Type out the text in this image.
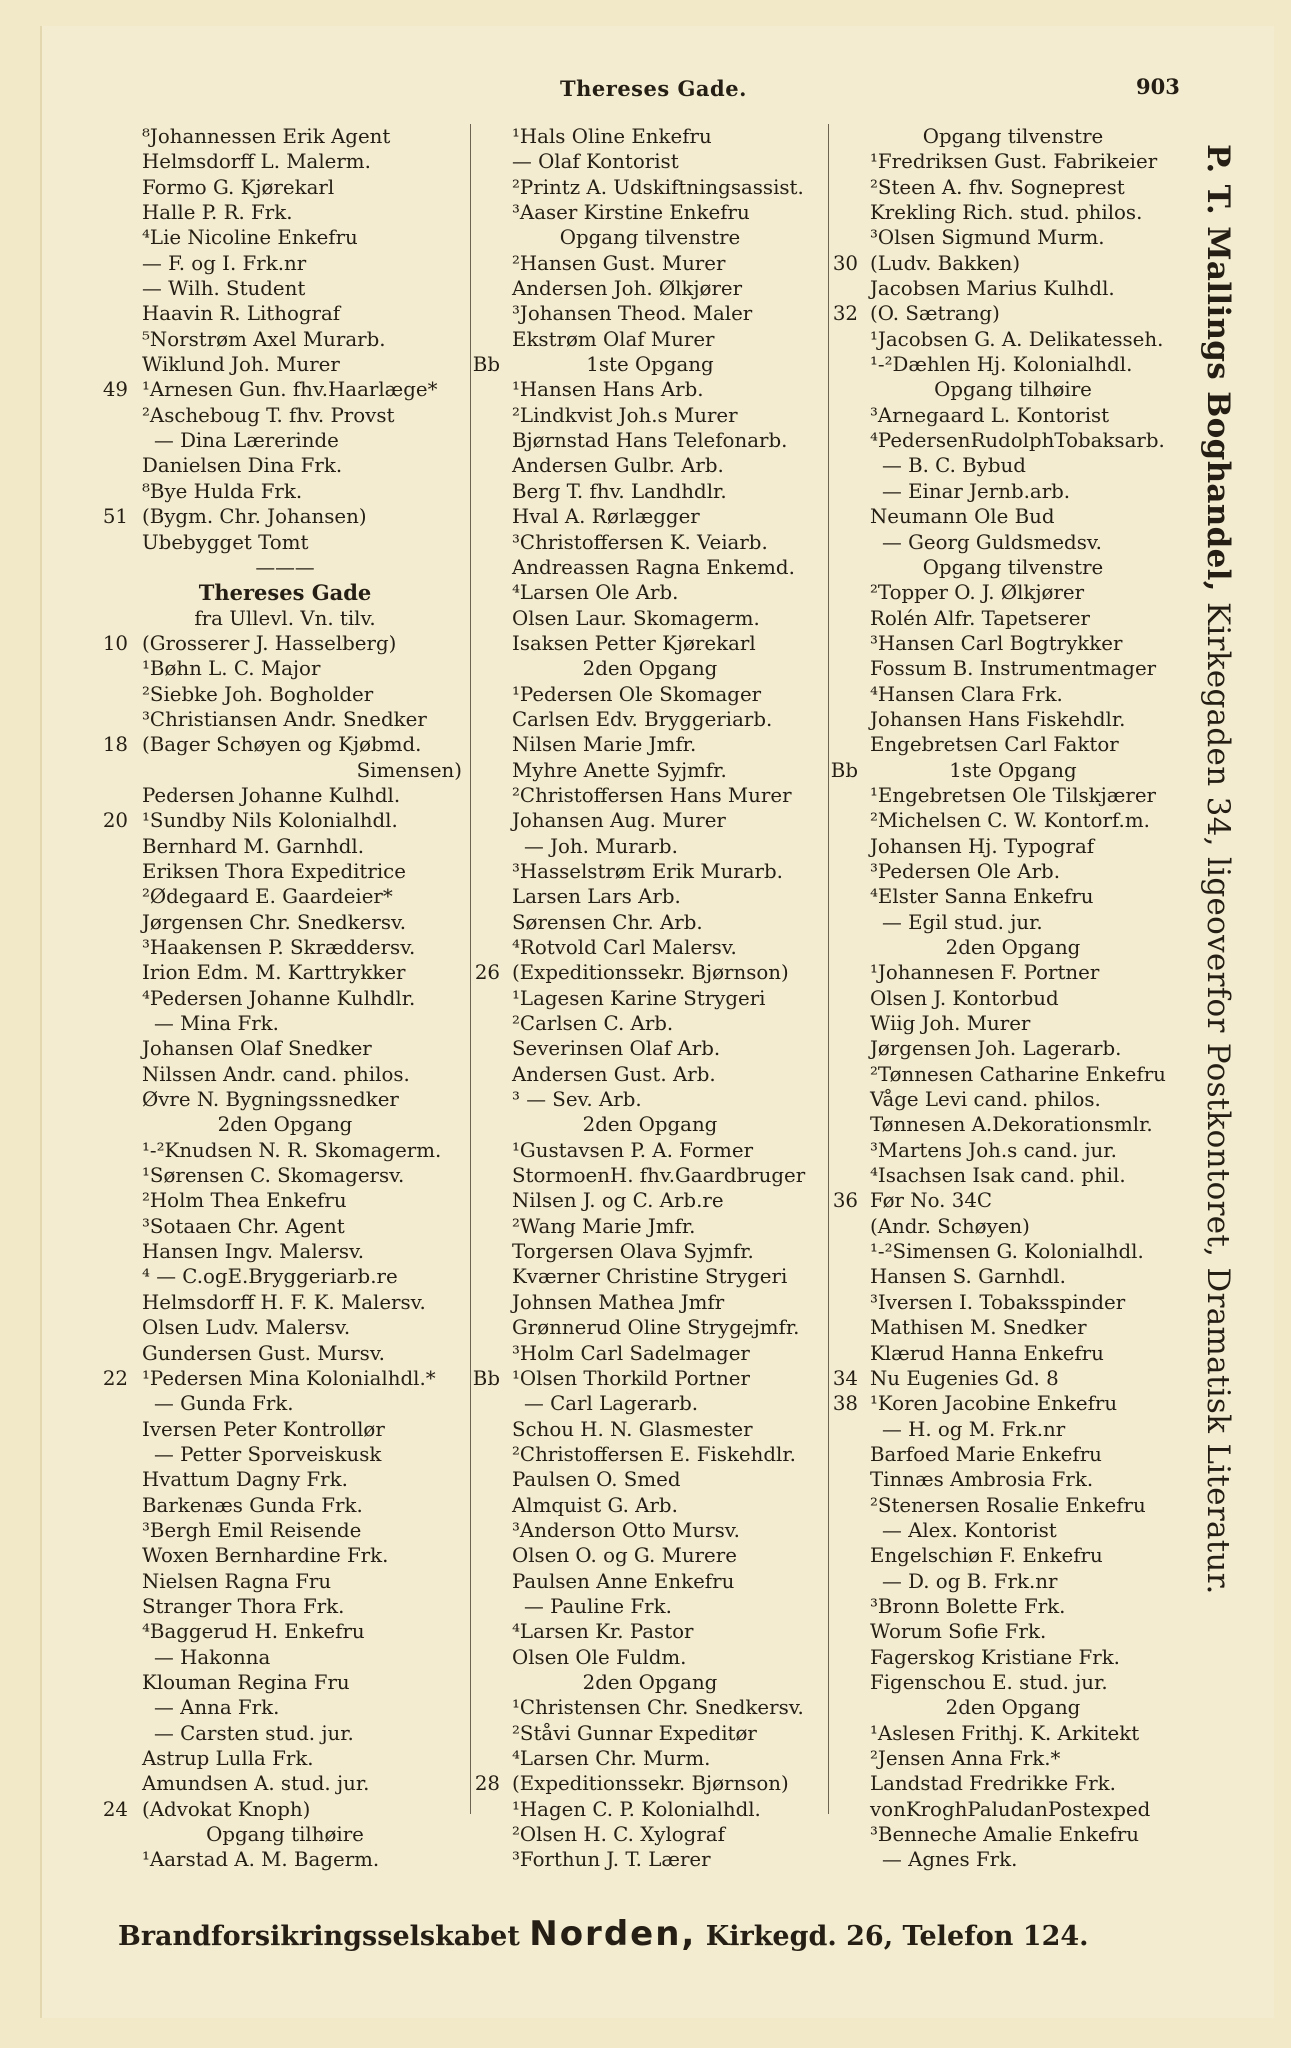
Thereses Gade.	903
⁸Johannessen Erik Agent
Helmsdorff L. Malerm.
Formo G. Kjørekarl
Halle P. R. Frk.
⁴Lie Nicoline Enkefru
— F. og I. Frk.nr
— Wilh. Student
Haavin R. Lithograf
⁵Norstrøm Axel Murarb.
Wiklund Joh. Murer
49 ¹Arnesen Gun. fhv.Haarlæge*
²Ascheboug T. fhv. Provst
— Dina Lærerinde
Danielsen Dina Frk.
⁸Bye Hulda Frk.
51 (Bygm. Chr. Johansen)
Ubebygget Tomt
———
Thereses Gade
fra Ullevl. Vn. tilv.
10 (Grosserer J. Hasselberg)
¹Bøhn L. C. Major
²Siebke Joh. Bogholder
³Christiansen Andr. Snedker
18 (Bager Schøyen og Kjøbmd.
Simensen)
Pedersen Johanne Kulhdl.
20 ¹Sundby Nils Kolonialhdl.
Bernhard M. Garnhdl.
Eriksen Thora Expeditrice
²Ødegaard E. Gaardeier*
Jørgensen Chr. Snedkersv.
³Haakensen P. Skræddersv.
Irion Edm. M. Karttrykker
⁴Pedersen Johanne Kulhdlr.
— Mina Frk.
Johansen Olaf Snedker
Nilssen Andr. cand. philos.
Øvre N. Bygningssnedker
2den Opgang
¹-²Knudsen N. R. Skomagerm.
¹Sørensen C. Skomagersv.
²Holm Thea Enkefru
³Sotaaen Chr. Agent
Hansen Ingv. Malersv.
⁴ — C.ogE.Bryggeriarb.re
Helmsdorff H. F. K. Malersv.
Olsen Ludv. Malersv.
Gundersen Gust. Mursv.
22 ¹Pedersen Mina Kolonialhdl.*
— Gunda Frk.
Iversen Peter Kontrollør
— Petter Sporveiskusk
Hvattum Dagny Frk.
Barkenæs Gunda Frk.
³Bergh Emil Reisende
Woxen Bernhardine Frk.
Nielsen Ragna Fru
Stranger Thora Frk.
⁴Baggerud H. Enkefru
— Hakonna
Klouman Regina Fru
— Anna Frk.
— Carsten stud. jur.
Astrup Lulla Frk.
Amundsen A. stud. jur.
24 (Advokat Knoph)
Opgang tilhøire
¹Aarstad A. M. Bagerm.
¹Hals Oline Enkefru
— Olaf Kontorist
²Printz A. Udskiftningsassist.
³Aaser Kirstine Enkefru
Opgang tilvenstre
²Hansen Gust. Murer
Andersen Joh. Ølkjører
³Johansen Theod. Maler
Ekstrøm Olaf Murer
Bb	1ste Opgang
¹Hansen Hans Arb.
²Lindkvist Joh.s Murer
Bjørnstad Hans Telefonarb.
Andersen Gulbr. Arb.
Berg T. fhv. Landhdlr.
Hval A. Rørlægger
³Christoffersen K. Veiarb.
Andreassen Ragna Enkemd.
⁴Larsen Ole Arb.
Olsen Laur. Skomagerm.
Isaksen Petter Kjørekarl
2den Opgang
¹Pedersen Ole Skomager
Carlsen Edv. Bryggeriarb.
Nilsen Marie Jmfr.
Myhre Anette Syjmfr.
²Christoffersen Hans Murer
Johansen Aug. Murer
— Joh. Murarb.
³Hasselstrøm Erik Murarb.
Larsen Lars Arb.
Sørensen Chr. Arb.
⁴Rotvold Carl Malersv.
26 (Expeditionssekr. Bjørnson)
¹Lagesen Karine Strygeri
²Carlsen C. Arb.
Severinsen Olaf Arb.
Andersen Gust. Arb.
³ — Sev. Arb.
2den Opgang
¹Gustavsen P. A. Former
StormoenH. fhv.Gaardbruger
Nilsen J. og C. Arb.re
²Wang Marie Jmfr.
Torgersen Olava Syjmfr.
Kværner Christine Strygeri
Johnsen Mathea Jmfr
Grønnerud Oline Strygejmfr.
³Holm Carl Sadelmager
Bb ¹Olsen Thorkild Portner
— Carl Lagerarb.
Schou H. N. Glasmester
²Christoffersen E. Fiskehdlr.
Paulsen O. Smed
Almquist G. Arb.
³Anderson Otto Mursv.
Olsen O. og G. Murere
Paulsen Anne Enkefru
— Pauline Frk.
⁴Larsen Kr. Pastor
Olsen Ole Fuldm.
2den Opgang
¹Christensen Chr. Snedkersv.
²Ståvi Gunnar Expeditør
⁴Larsen Chr. Murm.
28 (Expeditionssekr. Bjørnson)
¹Hagen C. P. Kolonialhdl.
²Olsen H. C. Xylograf
³Forthun J. T. Lærer
Opgang tilvenstre
¹Fredriksen Gust. Fabrikeier
²Steen A. fhv. Sogneprest
Krekling Rich. stud. philos.
³Olsen Sigmund Murm.
30 (Ludv. Bakken)
Jacobsen Marius Kulhdl.
32 (O. Sætrang)
¹Jacobsen G. A. Delikatesseh.
¹-²Dæhlen Hj. Kolonialhdl.
Opgang tilhøire
³Arnegaard L. Kontorist
⁴PedersenRudolphTobaksarb.
— B. C. Bybud
— Einar Jernb.arb.
Neumann Ole Bud
— Georg Guldsmedsv.
Opgang tilvenstre
²Topper O. J. Ølkjører
Rolén Alfr. Tapetserer
³Hansen Carl Bogtrykker
Fossum B. Instrumentmager
⁴Hansen Clara Frk.
Johansen Hans Fiskehdlr.
Engebretsen Carl Faktor
Bb	1ste Opgang
¹Engebretsen Ole Tilskjærer
²Michelsen C. W. Kontorf.m.
Johansen Hj. Typograf
³Pedersen Ole Arb.
⁴Elster Sanna Enkefru
— Egil stud. jur.
2den Opgang
¹Johannesen F. Portner
Olsen J. Kontorbud
Wiig Joh. Murer
Jørgensen Joh. Lagerarb.
²Tønnesen Catharine Enkefru
Våge Levi cand. philos.
Tønnesen A.Dekorationsmlr.
³Martens Joh.s cand. jur.
⁴Isachsen Isak cand. phil.
36 Før No. 34C
(Andr. Schøyen)
¹-²Simensen G. Kolonialhdl.
Hansen S. Garnhdl.
³Iversen I. Tobaksspinder
Mathisen M. Snedker
Klærud Hanna Enkefru
34 Nu Eugenies Gd. 8
38 ¹Koren Jacobine Enkefru
— H. og M. Frk.nr
Barfoed Marie Enkefru
Tinnæs Ambrosia Frk.
²Stenersen Rosalie Enkefru
— Alex. Kontorist
Engelschiøn F. Enkefru
— D. og B. Frk.nr
³Bronn Bolette Frk.
Worum Sofie Frk.
Fagerskog Kristiane Frk.
Figenschou E. stud. jur.
2den Opgang
¹Aslesen Frithj. K. Arkitekt
²Jensen Anna Frk.*
Landstad Fredrikke Frk.
vonKroghPaludanPostexped
³Benneche Amalie Enkefru
— Agnes Frk.
P. T. Mallings Boghandel, Kirkegaden 34, ligeoverfor Postkontoret, Dramatisk Literatur.
Brandforsikringsselskabet Norden, Kirkegd. 26, Telefon 124.
